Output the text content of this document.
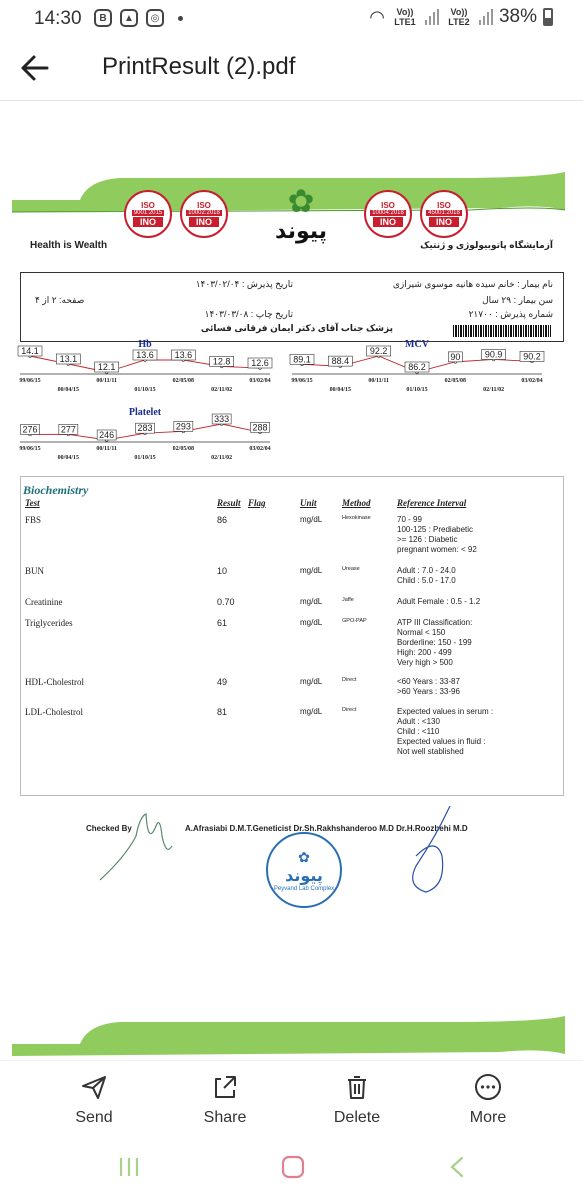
14:30	B	▲	◎	◠	Vo)) LTE1
Vo)) LTE2 38%
PrintResult (2).pdf
ISO
9001:2015
INO
ISO
10002:2018
INO
✿
پیوند
ISO
10004:2018
INO
ISO
45001:2018
INO
Health is Wealth	آزمایشگاه پاتوبیولوژی و ژنتیک
نام بیمار : خانم سیده هانیه موسوی شیرازی
سن بیمار : ۲۹ سال
شماره پذیرش : ۲۱۷۰۰
تاریخ پذیرش : ۱۴۰۳/۰۲/۰۴
تاریخ چاپ : ۱۴۰۳/۰۳/۰۸
پزشک جناب آقای دکتر ایمان فرقانی فسائی
صفحه: ۲ از ۴
Hb
14.1
99/06/15
13.1
00/04/15
12.1
00/11/11
13.6
01/10/15
13.6
02/05/08
12.8
02/11/02
12.6
03/02/04
MCV
89.1
99/06/15
88.4
00/04/15
92.2
00/11/11
86.2
01/10/15
90
02/05/08
90.9
02/11/02
90.2
03/02/04
Platelet
276
99/06/15
277
00/04/15
246
00/11/11
283
01/10/15
293
02/05/08
333
02/11/02
288
03/02/04
Biochemistry
Test	Result Flag	Unit	Method	Reference Interval
FBS	86	mg/dL	Hexokinase	70 - 99
100-125 : Prediabetic
>= 126 : Diabetic
pregnant women: < 92
BUN	10	mg/dL	Urease	Adult : 7.0 - 24.0
Child : 5.0 - 17.0
Creatinine	0.70	mg/dL	Jaffe	Adult Female : 0.5 - 1.2
Triglycerides	61	mg/dL	GPO-PAP	ATP III Classification:
Normal < 150
Borderline: 150 - 199
High: 200 - 499
Very high > 500
HDL-Cholestrol	49	mg/dL	Direct	<60 Years : 33-87
>60 Years : 33-96
LDL-Cholestrol	81	mg/dL	Direct	Expected values in serum :
Adult : <130
Child : <110
Expected values in fluid :
Not well stablished
Checked By	A.Afrasiabi D.M.T.Geneticist Dr.Sh.Rakhshanderoo M.D Dr.H.Roozbehi M.D
✿
پیوند
Peyvand Lab Complex
Send	Share	Delete	More
